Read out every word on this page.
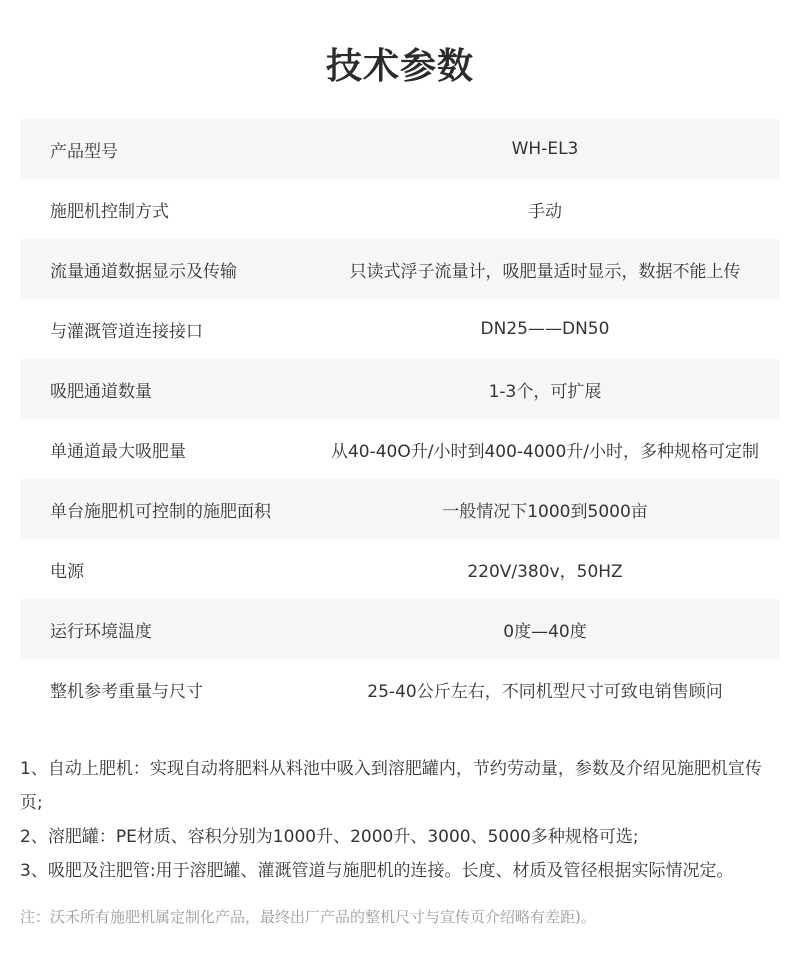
技术参数
产品型号	WH-EL3
施肥机控制方式	手动
流量通道数据显示及传输	只读式浮子流量计，吸肥量适时显示，数据不能上传
与灌溉管道连接接口	DN25——DN50
吸肥通道数量	1-3个，可扩展
单通道最大吸肥量	从40-40O升/小时到400-4000升/小时，多种规格可定制
单台施肥机可控制的施肥面积	一般情况下1000到5000亩
电源	220V/380v，50HZ
运行环境温度	0度—40度
整机参考重量与尺寸	25-40公斤左右，不同机型尺寸可致电销售顾问

1、自动上肥机：实现自动将肥料从料池中吸入到溶肥罐内，节约劳动量，参数及介绍见施肥机宣传页;

2、溶肥罐：PE材质、容积分别为1000升、2000升、3000、5000多种规格可选;

3、吸肥及注肥管:用于溶肥罐、灌溉管道与施肥机的连接。长度、材质及管径根据实际情况定。

注：沃禾所有施肥机属定制化产品，最终出厂产品的整机尺寸与宣传页介绍略有差距)。
